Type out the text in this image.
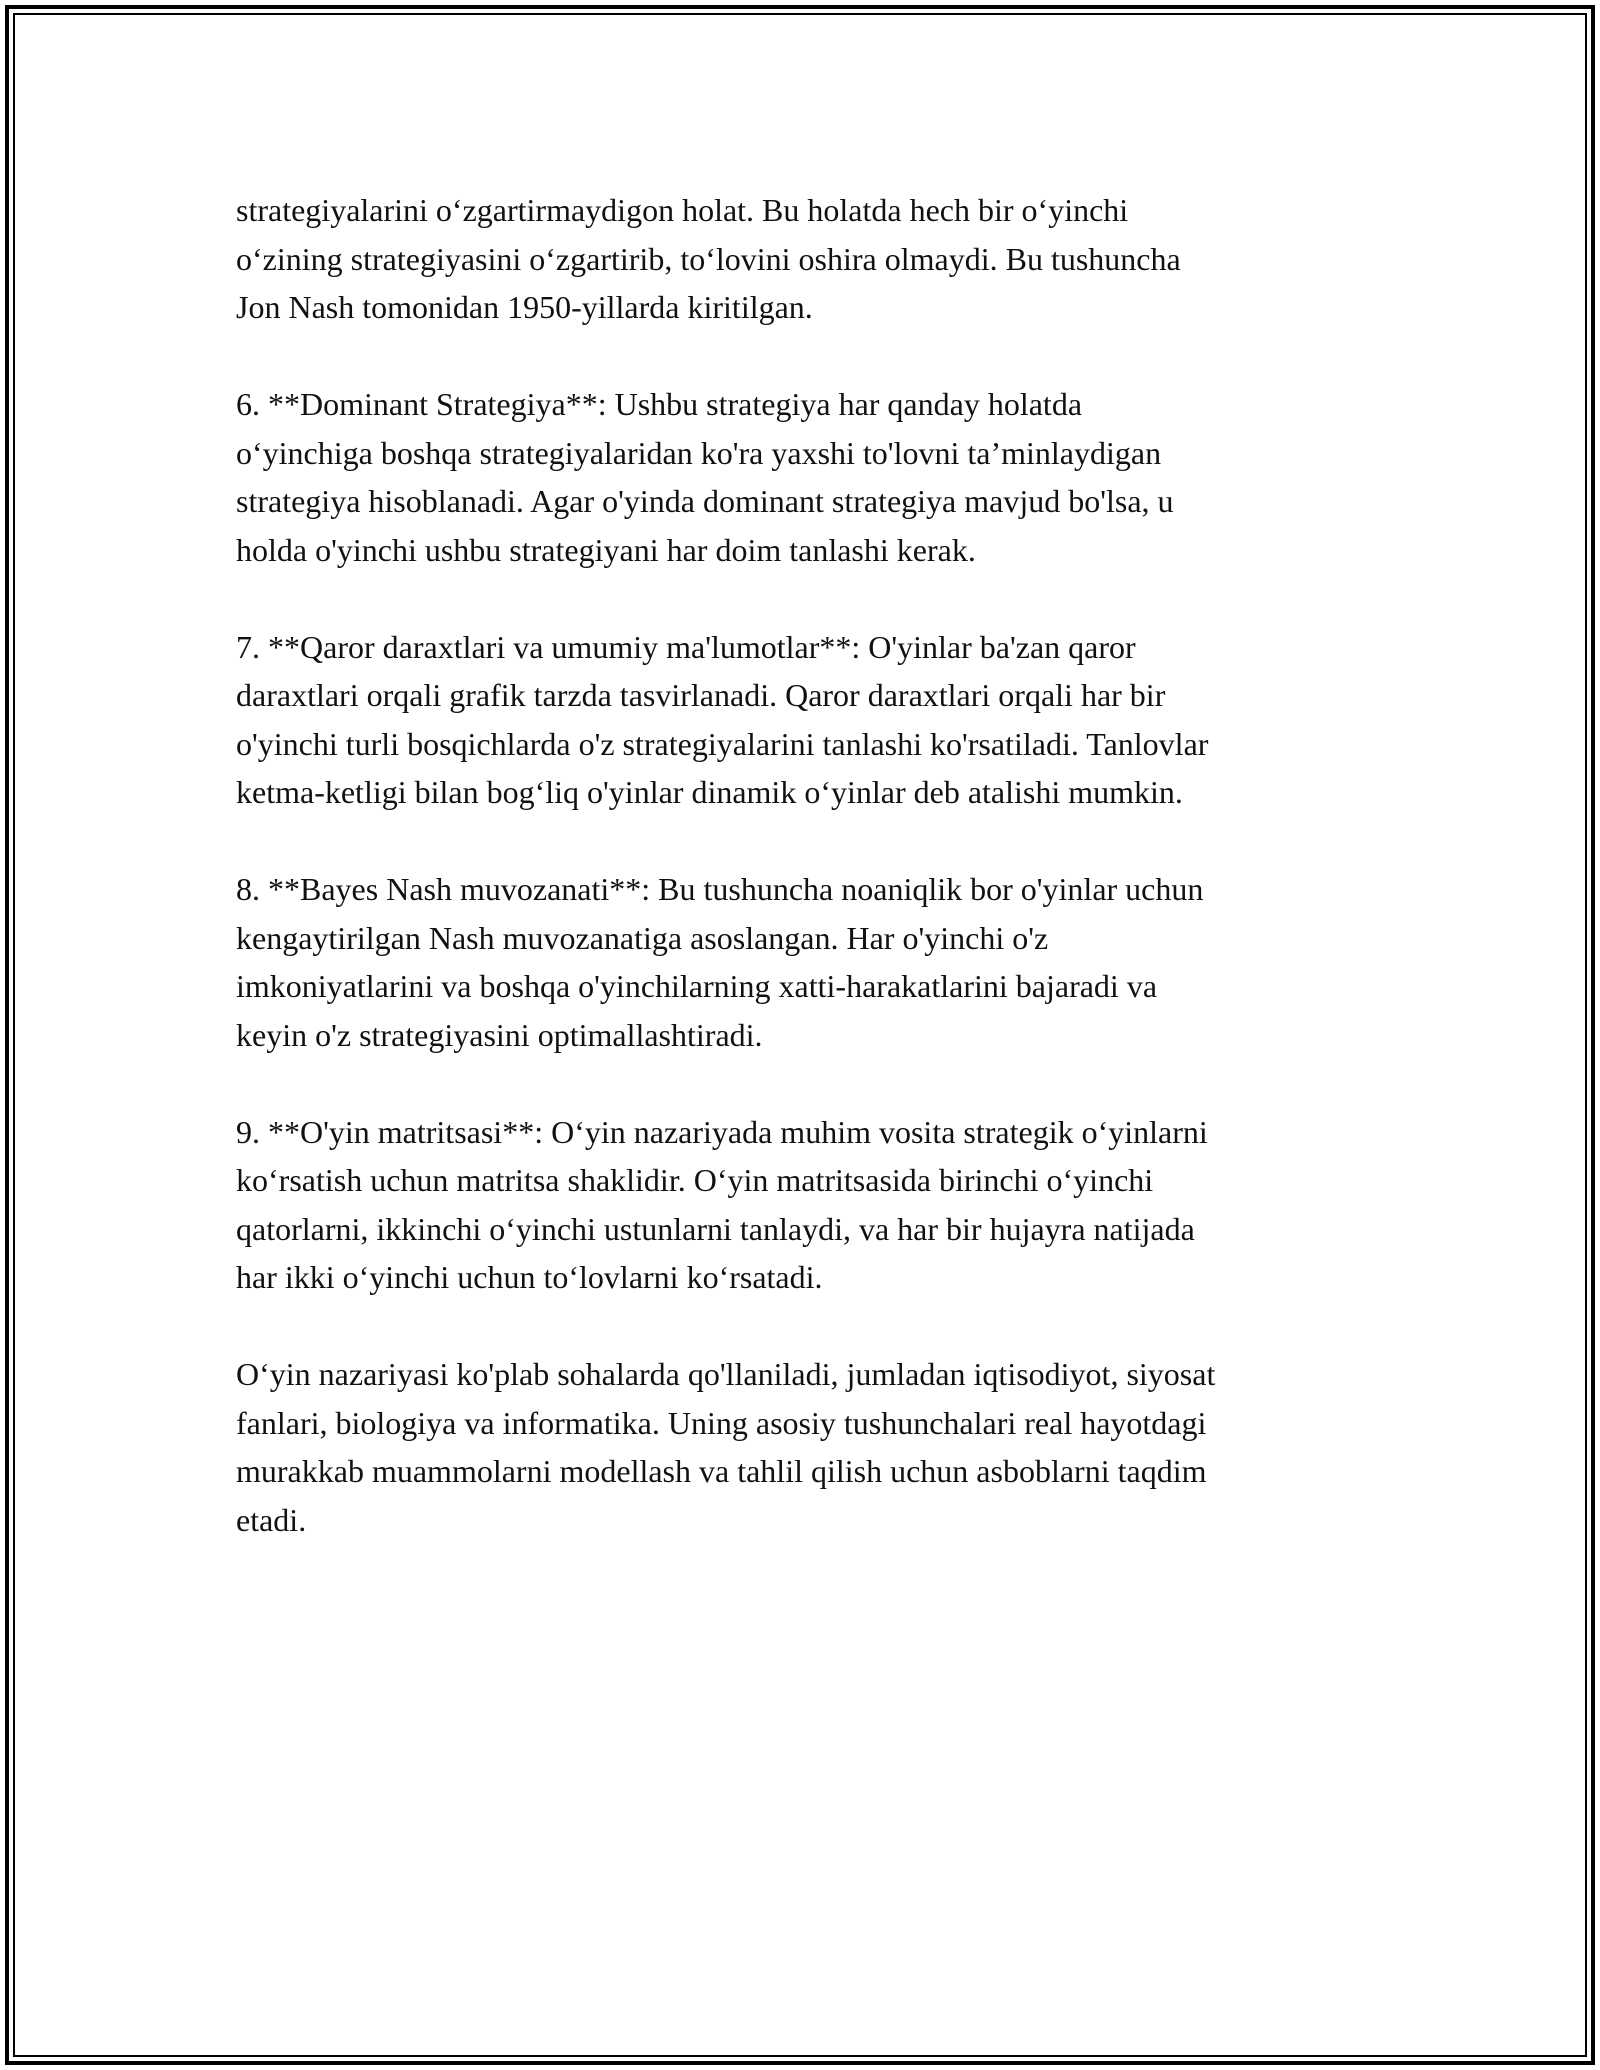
strategiyalarini o‘zgartirmaydigon holat. Bu holatda hech bir o‘yinchi
o‘zining strategiyasini o‘zgartirib, to‘lovini oshira olmaydi. Bu tushuncha
Jon Nash tomonidan 1950-yillarda kiritilgan.

6. **Dominant Strategiya**: Ushbu strategiya har qanday holatda
o‘yinchiga boshqa strategiyalaridan ko'ra yaxshi to'lovni ta’minlaydigan
strategiya hisoblanadi. Agar o'yinda dominant strategiya mavjud bo'lsa, u
holda o'yinchi ushbu strategiyani har doim tanlashi kerak.

7. **Qaror daraxtlari va umumiy ma'lumotlar**: O'yinlar ba'zan qaror
daraxtlari orqali grafik tarzda tasvirlanadi. Qaror daraxtlari orqali har bir
o'yinchi turli bosqichlarda o'z strategiyalarini tanlashi ko'rsatiladi. Tanlovlar
ketma-ketligi bilan bog‘liq o'yinlar dinamik o‘yinlar deb atalishi mumkin.

8. **Bayes Nash muvozanati**: Bu tushuncha noaniqlik bor o'yinlar uchun
kengaytirilgan Nash muvozanatiga asoslangan. Har o'yinchi o'z
imkoniyatlarini va boshqa o'yinchilarning xatti-harakatlarini bajaradi va
keyin o'z strategiyasini optimallashtiradi.

9. **O'yin matritsasi**: O‘yin nazariyada muhim vosita strategik o‘yinlarni
ko‘rsatish uchun matritsa shaklidir. O‘yin matritsasida birinchi o‘yinchi
qatorlarni, ikkinchi o‘yinchi ustunlarni tanlaydi, va har bir hujayra natijada
har ikki o‘yinchi uchun to‘lovlarni ko‘rsatadi.

O‘yin nazariyasi ko'plab sohalarda qo'llaniladi, jumladan iqtisodiyot, siyosat
fanlari, biologiya va informatika. Uning asosiy tushunchalari real hayotdagi
murakkab muammolarni modellash va tahlil qilish uchun asboblarni taqdim
etadi.
